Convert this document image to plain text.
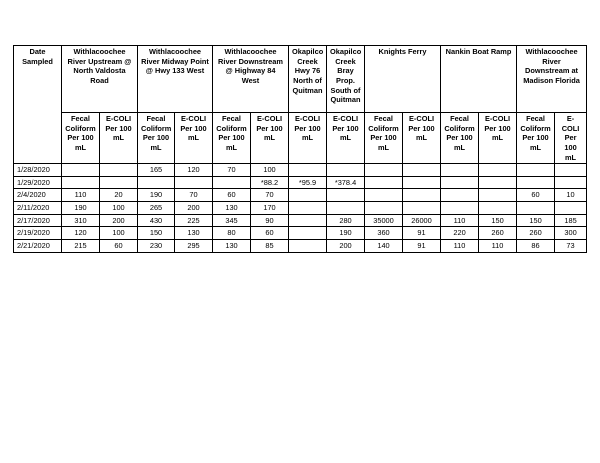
Date Sampled	Withlacoochee River Upstream @ North Valdosta Road		Withlacoochee River Midway Point @ Hwy 133 West		Withlacoochee River Downstream @ Highway 84 West		Okapilco Creek Hwy 76 North of Quitman	Okapilco Creek Bray Prop. South of Quitman	Knights Ferry		Nankin Boat Ramp		Withlacoochee River Downstream at Madison Florida	
	Fecal Coliform Per 100 mL	E-COLI Per 100 mL	Fecal Coliform Per 100 mL	E-COLI Per 100 mL	Fecal Coliform Per 100 mL	E-COLI Per 100 mL	E-COLI Per 100 mL	E-COLI Per 100 mL	Fecal Coliform Per 100 mL	E-COLI Per 100 mL	Fecal Coliform Per 100 mL	E-COLI Per 100 mL	Fecal Coliform Per 100 mL	E-COLI Per 100 mL
1/28/2020			165	120	70	100								
1/29/2020						*88.2	*95.9	*378.4						
2/4/2020	110	20	190	70	60	70							60	10
2/11/2020	190	100	265	200	130	170								
2/17/2020	310	200	430	225	345	90		280	35000	26000	110	150	150	185
2/19/2020	120	100	150	130	80	60		190	360	91	220	260	260	300
2/21/2020	215	60	230	295	130	85		200	140	91	110	110	86	73
